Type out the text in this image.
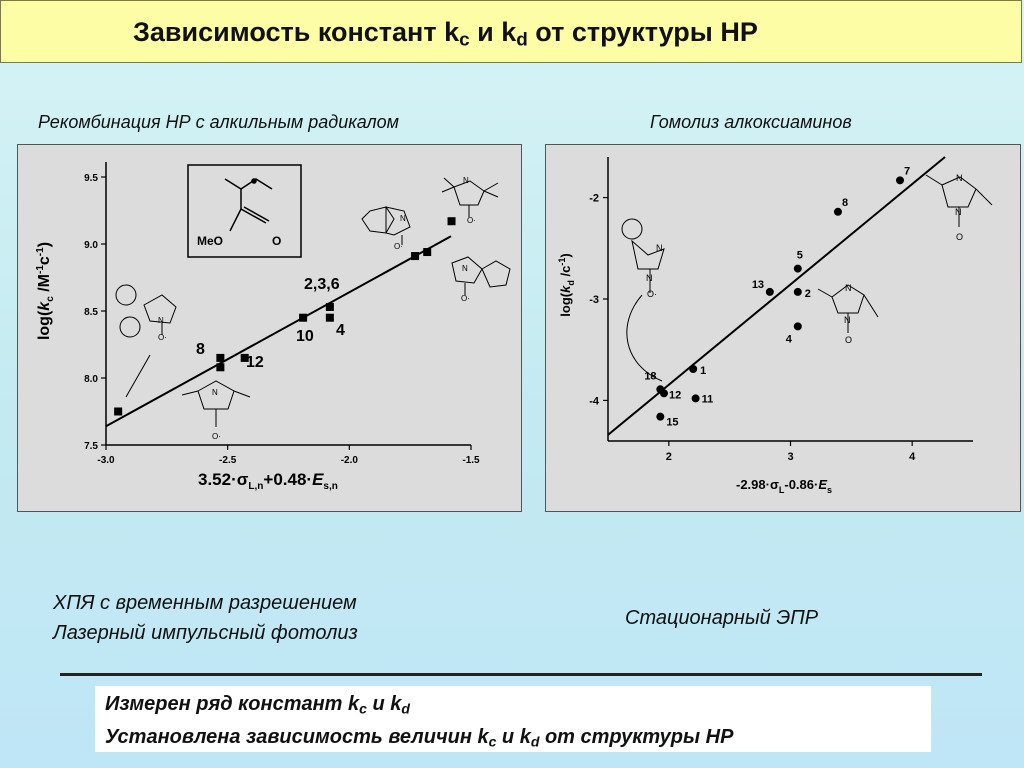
Зависимость констант $k_c$ и $k_d$ от структуры НР
Рекомбинация НР с алкильным радикалом	Гомолиз алкоксиаминов
-3.0	-2.5	-2.0	-1.5
7.5
8.0
8.5
9.0
9.5
$\log(k_c$ $/M^{-1}c^{-1}$)
$3.52\cdot\sigma_{L,n}+0.48\cdot E_{s,n}$
8
12
2,3,6
10 4
MeO	O
N
O·
N
O·
N
O·
N
O·
N
O·
2	3	4
-2
-3
-4
7
8
5
13
2
4
1
18
12 11
15
$\log(k_d$ $/c^{-1}$)
$-2.98\cdot\sigma_L-0.86\cdot E_s$
N
N
O·
N
N
O
N
N
O
ХПЯ с временным разрешением
Лазерный импульсный фотолиз
Стационарный ЭПР
Измерен ряд констант $k_c$ и $k_d$
Установлена зависимость величин $k_c$ и $k_d$ от структуры НР
